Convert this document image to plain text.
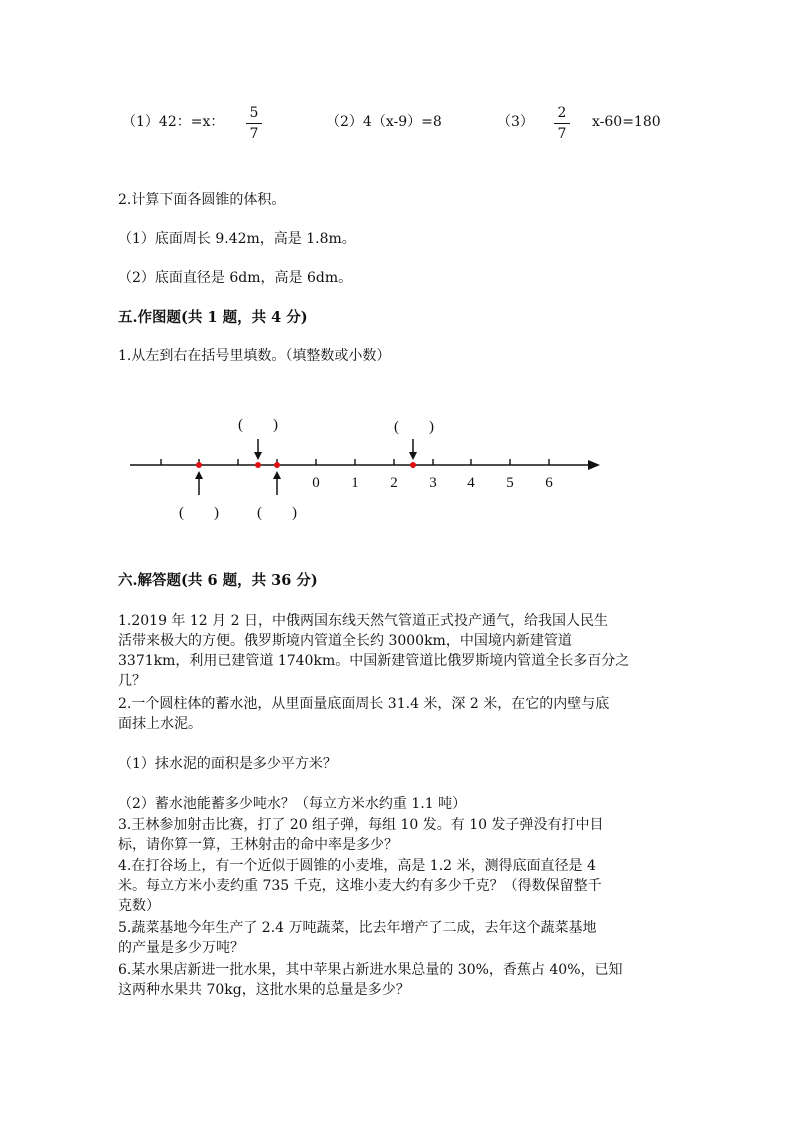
（1）42：=x：
5
7
（2）4（x-9）=8	（3）
2
7
x-60=180
2.计算下面各圆锥的体积。
（1）底面周长 9.42m，高是 1.8m。
（2）底面直径是 6dm，高是 6dm。
五.作图题(共 1 题，共 4 分)
1.从左到右在括号里填数。（填整数或小数）
0 1 2 3 4 5 6
(　　)	(　　)
(　　)	(　　)
六.解答题(共 6 题，共 36 分)
1.2019 年 12 月 2 日，中俄两国东线天然气管道正式投产通气，给我国人民生
活带来极大的方便。俄罗斯境内管道全长约 3000km，中国境内新建管道
3371km，利用已建管道 1740km。中国新建管道比俄罗斯境内管道全长多百分之
几？
2.一个圆柱体的蓄水池，从里面量底面周长 31.4 米，深 2 米，在它的内壁与底
面抹上水泥。
（1）抹水泥的面积是多少平方米？
（2）蓄水池能蓄多少吨水？（每立方米水约重 1.1 吨）
3.王林参加射击比赛，打了 20 组子弹，每组 10 发。有 10 发子弹没有打中目
标，请你算一算，王林射击的命中率是多少？
4.在打谷场上，有一个近似于圆锥的小麦堆，高是 1.2 米，测得底面直径是 4
米。每立方米小麦约重 735 千克，这堆小麦大约有多少千克？（得数保留整千
克数）
5.蔬菜基地今年生产了 2.4 万吨蔬菜，比去年增产了二成，去年这个蔬菜基地
的产量是多少万吨？
6.某水果店新进一批水果，其中苹果占新进水果总量的 30%，香蕉占 40%，已知
这两种水果共 70kg，这批水果的总量是多少？
